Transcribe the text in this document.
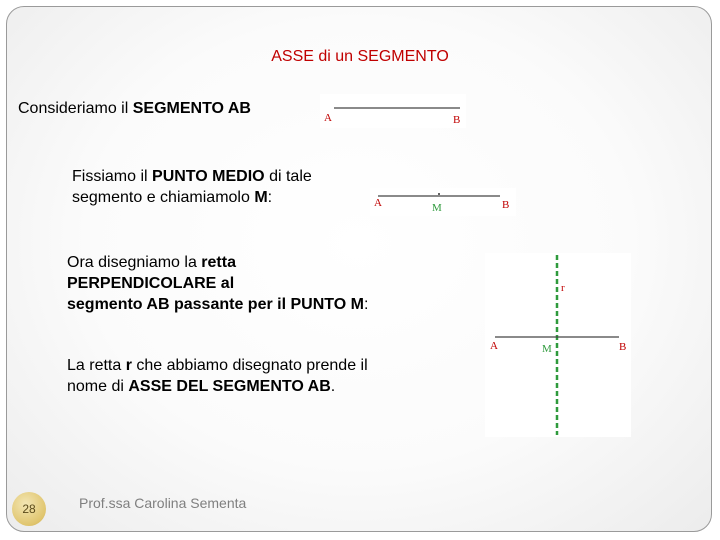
ASSE di un SEGMENTO

Consideriamo il SEGMENTO AB

Fissiamo il PUNTO MEDIO di tale
segmento e chiamiamolo M:

Ora disegniamo la retta
PERPENDICOLARE al
segmento AB passante per il PUNTO M:

La retta r che abbiamo disegnato prende il
nome di ASSE DEL SEGMENTO AB.

A	B
A	M	B
r
A	M	B
28	Prof.ssa Carolina Sementa
